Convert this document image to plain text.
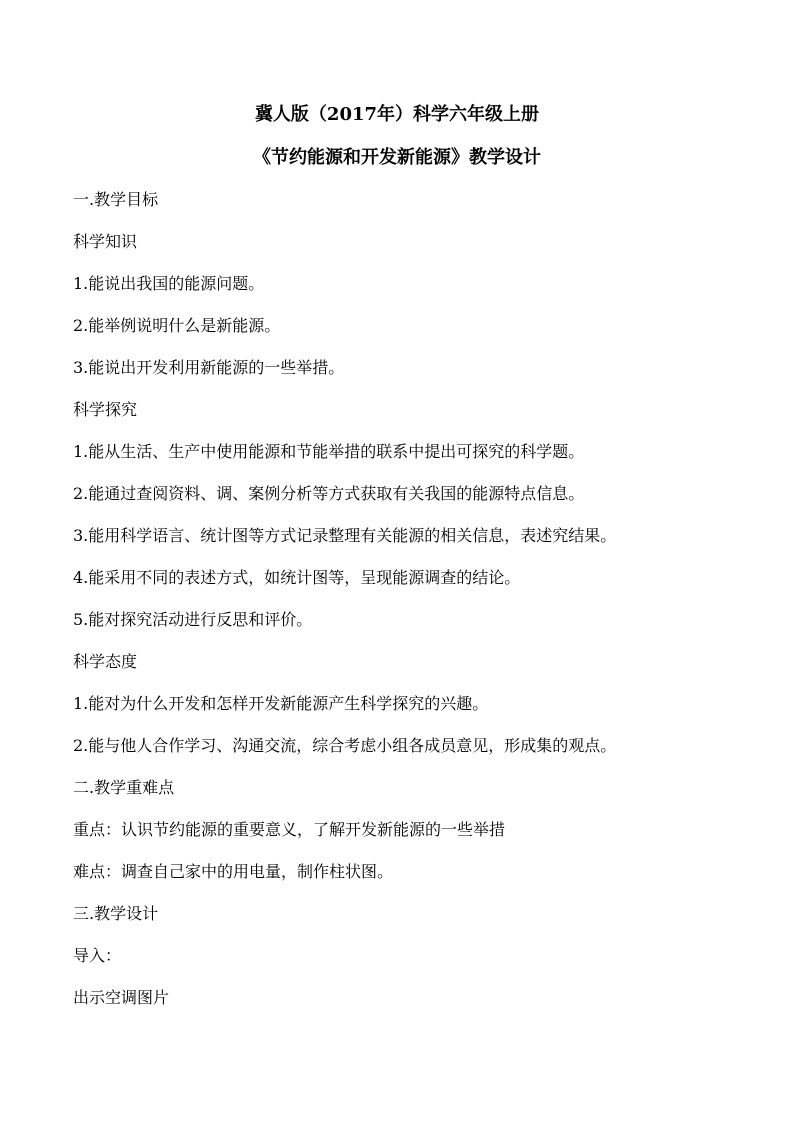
冀人版（2017年）科学六年级上册
《节约能源和开发新能源》教学设计
一.教学目标
科学知识
1.能说出我国的能源问题。
2.能举例说明什么是新能源。
3.能说出开发利用新能源的一些举措。
科学探究
1.能从生活、生产中使用能源和节能举措的联系中提出可探究的科学题。
2.能通过查阅资料、调、案例分析等方式获取有关我国的能源特点信息。
3.能用科学语言、统计图等方式记录整理有关能源的相关信息，表述究结果。
4.能采用不同的表述方式，如统计图等，呈现能源调查的结论。
5.能对探究活动进行反思和评价。
科学态度
1.能对为什么开发和怎样开发新能源产生科学探究的兴趣。
2.能与他人合作学习、沟通交流，综合考虑小组各成员意见，形成集的观点。
二.教学重难点
重点：认识节约能源的重要意义，了解开发新能源的一些举措
难点：调查自己家中的用电量，制作柱状图。
三.教学设计
导入：
出示空调图片
